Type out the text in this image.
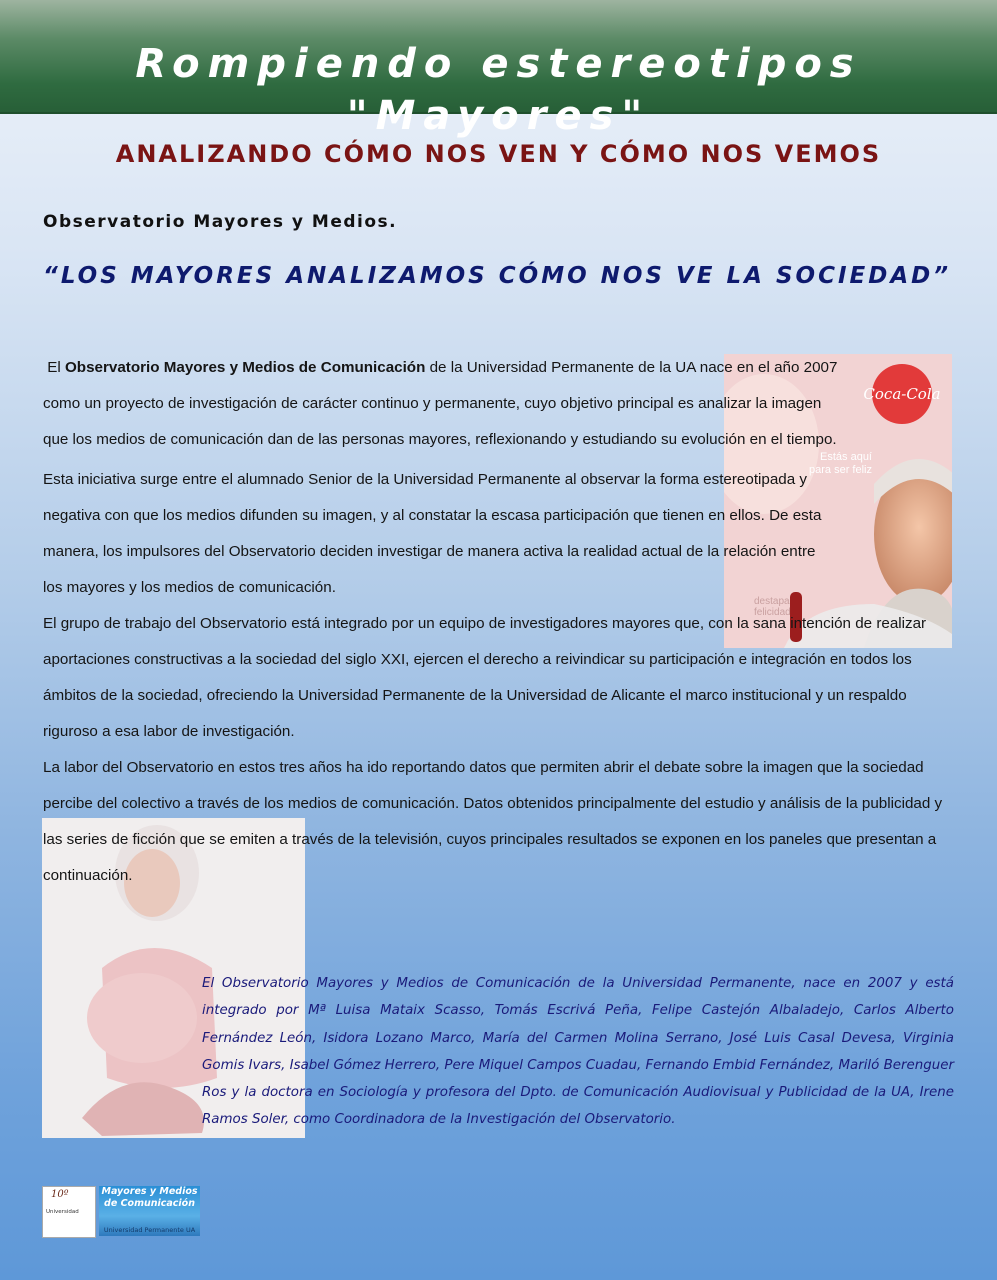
Rompiendo estereotipos "Mayores"
ANALIZANDO CÓMO NOS VEN Y CÓMO NOS VEMOS
Observatorio Mayores y Medios.
“LOS MAYORES ANALIZAMOS CÓMO NOS VE LA SOCIEDAD”
Coca-Cola
Estás aquí
para ser feliz
destapa
felicidad

El Observatorio Mayores y Medios de Comunicación de la Universidad Permanente de la UA nace en el año 2007 como un proyecto de investigación de carácter continuo y permanente, cuyo objetivo principal es analizar la imagen que los medios de comunicación dan de las personas mayores, reflexionando y estudiando su evolución en el tiempo.

Esta iniciativa surge entre el alumnado Senior de la Universidad Permanente al observar la forma estereotipada y negativa con que los medios difunden su imagen, y al constatar la escasa participación que tienen en ellos. De esta manera, los impulsores del Observatorio deciden investigar de manera activa la realidad actual de la relación entre los mayores y los medios de comunicación.

El grupo de trabajo del Observatorio está integrado por un equipo de investigadores mayores que, con la sana intención de realizar aportaciones constructivas a la sociedad del siglo XXI, ejercen el derecho a reivindicar su participación e integración en todos los ámbitos de la sociedad, ofreciendo la Universidad Permanente de la Universidad de Alicante el marco institucional y un respaldo riguroso a esa labor de investigación.

La labor del Observatorio en estos tres años ha ido reportando datos que permiten abrir el debate sobre la imagen que la sociedad percibe del colectivo a través de los medios de comunicación. Datos obtenidos principalmente del estudio y análisis de la publicidad y las series de ficción que se emiten a través de la televisión, cuyos principales resultados se exponen en los paneles que presentan a continuación.

El Observatorio Mayores y Medios de Comunicación de la Universidad Permanente, nace en 2007 y está integrado por Mª Luisa Mataix Scasso, Tomás Escrivá Peña, Felipe Castejón Albaladejo, Carlos Alberto Fernández León, Isidora Lozano Marco, María del Carmen Molina Serrano, José Luis Casal Devesa, Virginia Gomis Ivars, Isabel Gómez Herrero, Pere Miquel Campos Cuadau, Fernando Embid Fernández, Mariló Berenguer Ros y la doctora en Sociología y profesora del Dpto. de Comunicación Audiovisual y Publicidad de la UA, Irene Ramos Soler, como Coordinadora de la Investigación del Observatorio.
10º
Universidad
Mayores y Medios de Comunicación
Universidad Permanente UA
